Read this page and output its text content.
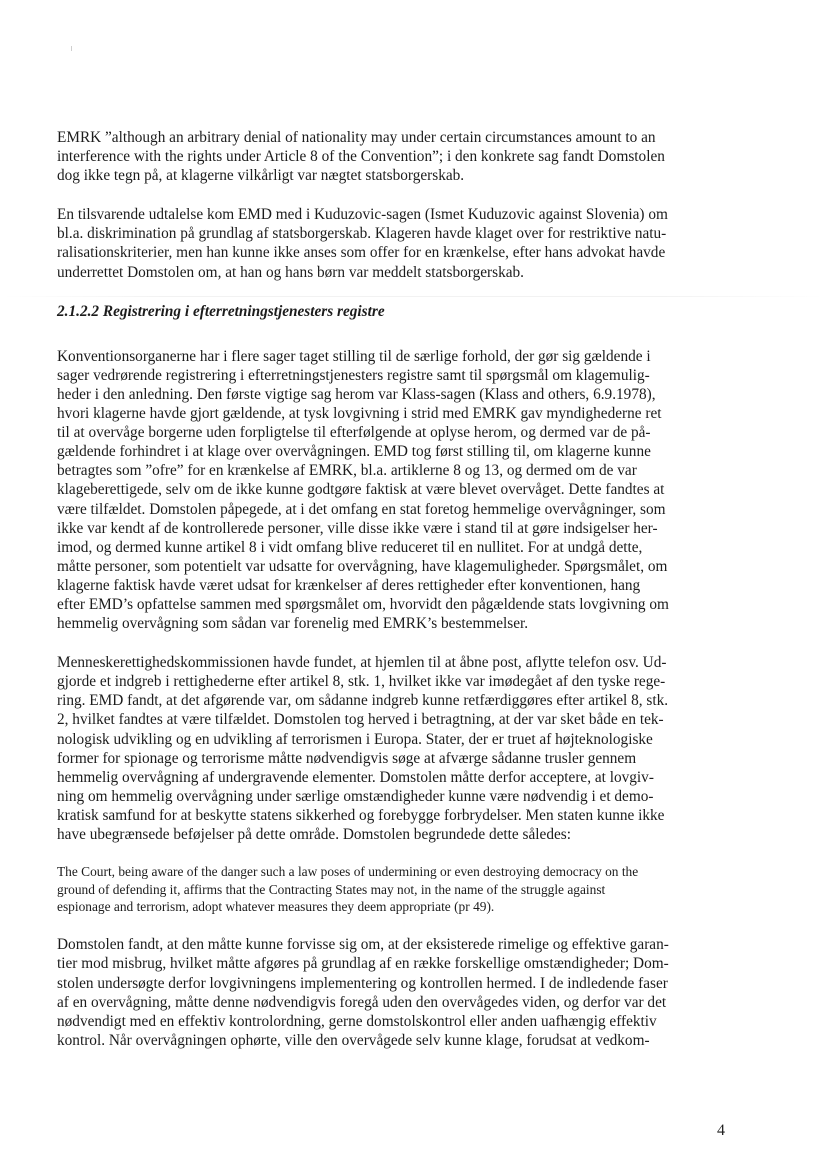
EMRK ”although an arbitrary denial of nationality may under certain circumstances amount to an
interference with the rights under Article 8 of the Convention”; i den konkrete sag fandt Domstolen
dog ikke tegn på, at klagerne vilkårligt var nægtet statsborgerskab.

En tilsvarende udtalelse kom EMD med i Kuduzovic-sagen (Ismet Kuduzovic against Slovenia) om
bl.a. diskrimination på grundlag af statsborgerskab. Klageren havde klaget over for restriktive natu-
ralisationskriterier, men han kunne ikke anses som offer for en krænkelse, efter hans advokat havde
underrettet Domstolen om, at han og hans børn var meddelt statsborgerskab.

2.1.2.2 Registrering i efterretningstjenesters registre

Konventionsorganerne har i flere sager taget stilling til de særlige forhold, der gør sig gældende i
sager vedrørende registrering i efterretningstjenesters registre samt til spørgsmål om klagemulig-
heder i den anledning. Den første vigtige sag herom var Klass-sagen (Klass and others, 6.9.1978),
hvori klagerne havde gjort gældende, at tysk lovgivning i strid med EMRK gav myndighederne ret
til at overvåge borgerne uden forpligtelse til efterfølgende at oplyse herom, og dermed var de på-
gældende forhindret i at klage over overvågningen. EMD tog først stilling til, om klagerne kunne
betragtes som ”ofre” for en krænkelse af EMRK, bl.a. artiklerne 8 og 13, og dermed om de var
klageberettigede, selv om de ikke kunne godtgøre faktisk at være blevet overvåget. Dette fandtes at
være tilfældet. Domstolen påpegede, at i det omfang en stat foretog hemmelige overvågninger, som
ikke var kendt af de kontrollerede personer, ville disse ikke være i stand til at gøre indsigelser her-
imod, og dermed kunne artikel 8 i vidt omfang blive reduceret til en nullitet. For at undgå dette,
måtte personer, som potentielt var udsatte for overvågning, have klagemuligheder. Spørgsmålet, om
klagerne faktisk havde været udsat for krænkelser af deres rettigheder efter konventionen, hang
efter EMD’s opfattelse sammen med spørgsmålet om, hvorvidt den pågældende stats lovgivning om
hemmelig overvågning som sådan var forenelig med EMRK’s bestemmelser.

Menneskerettighedskommissionen havde fundet, at hjemlen til at åbne post, aflytte telefon osv. Ud-
gjorde et indgreb i rettighederne efter artikel 8, stk. 1, hvilket ikke var imødegået af den tyske rege-
ring. EMD fandt, at det afgørende var, om sådanne indgreb kunne retfærdiggøres efter artikel 8, stk.
2, hvilket fandtes at være tilfældet. Domstolen tog herved i betragtning, at der var sket både en tek-
nologisk udvikling og en udvikling af terrorismen i Europa. Stater, der er truet af højteknologiske
former for spionage og terrorisme måtte nødvendigvis søge at afværge sådanne trusler gennem
hemmelig overvågning af undergravende elementer. Domstolen måtte derfor acceptere, at lovgiv-
ning om hemmelig overvågning under særlige omstændigheder kunne være nødvendig i et demo-
kratisk samfund for at beskytte statens sikkerhed og forebygge forbrydelser. Men staten kunne ikke
have ubegrænsede beføjelser på dette område. Domstolen begrundede dette således:

The Court, being aware of the danger such a law poses of undermining or even destroying democracy on the
ground of defending it, affirms that the Contracting States may not, in the name of the struggle against
espionage and terrorism, adopt whatever measures they deem appropriate (pr 49).

Domstolen fandt, at den måtte kunne forvisse sig om, at der eksisterede rimelige og effektive garan-
tier mod misbrug, hvilket måtte afgøres på grundlag af en række forskellige omstændigheder; Dom-
stolen undersøgte derfor lovgivningens implementering og kontrollen hermed. I de indledende faser
af en overvågning, måtte denne nødvendigvis foregå uden den overvågedes viden, og derfor var det
nødvendigt med en effektiv kontrolordning, gerne domstolskontrol eller anden uafhængig effektiv
kontrol. Når overvågningen ophørte, ville den overvågede selv kunne klage, forudsat at vedkom-

4
